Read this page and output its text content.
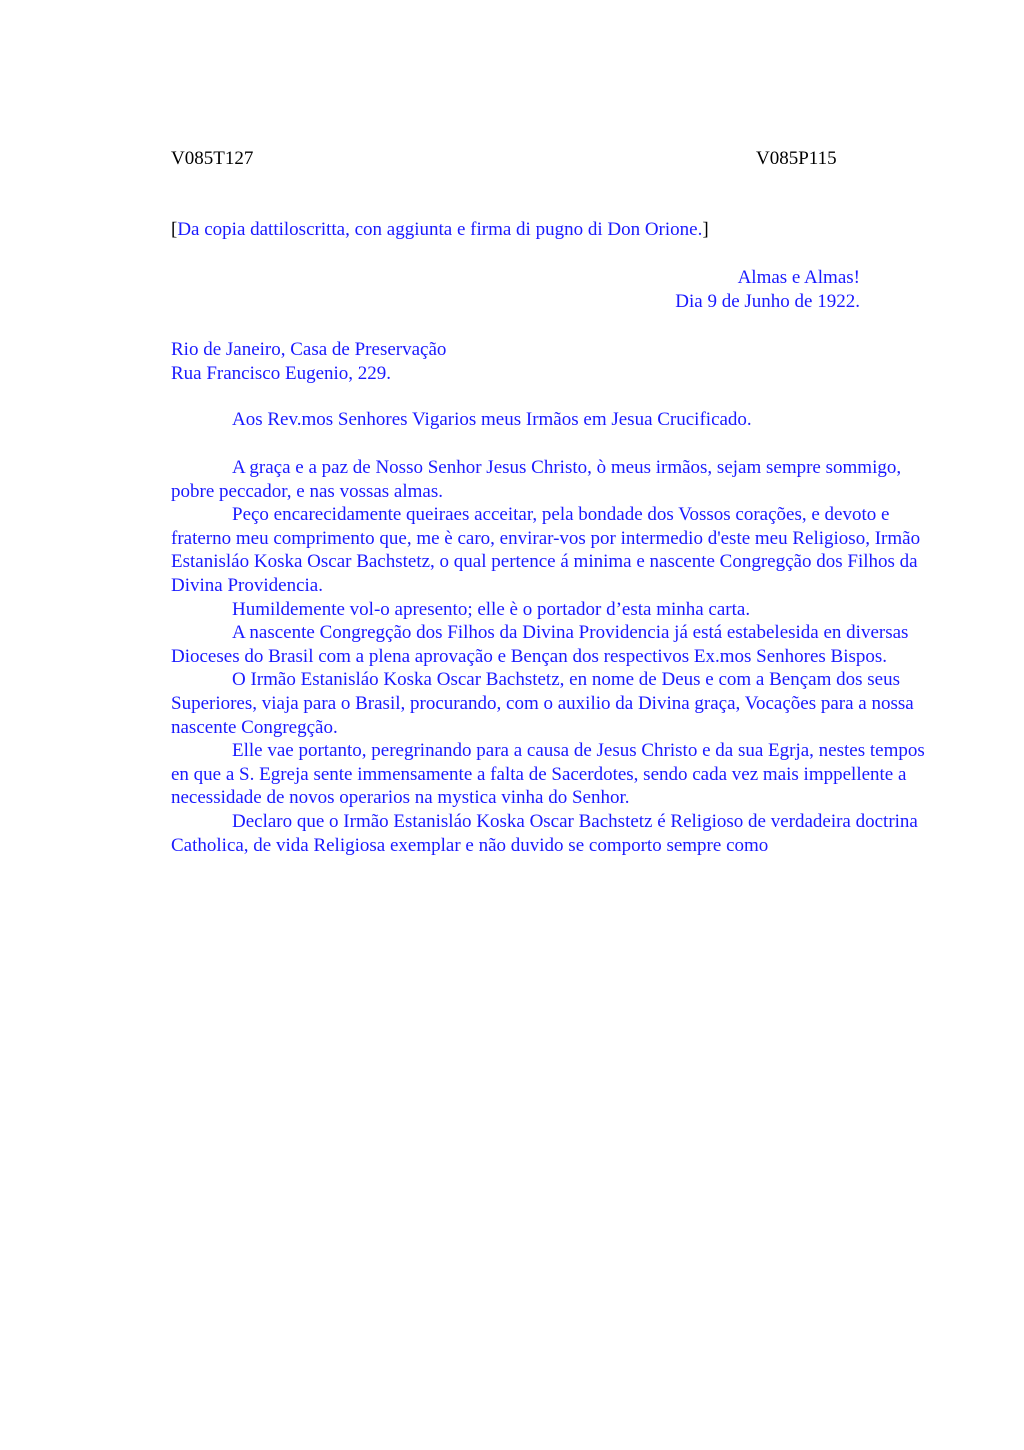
V085T127	V085P115
[Da copia dattiloscritta, con aggiunta e firma di pugno di Don Orione.]
Almas e Almas!
Dia 9 de Junho de 1922.
Rio de Janeiro, Casa de Preservação
Rua Francisco Eugenio, 229.
Aos Rev.mos Senhores Vigarios meus Irmãos em Jesua Crucificado.

A graça e a paz de Nosso Senhor Jesus Christo, ò meus irmãos, sejam sempre sommigo, pobre peccador, e nas vossas almas.

Peço encarecidamente queiraes acceitar, pela bondade dos Vossos corações, e devoto e fraterno meu comprimento que, me è caro, envirar-vos por intermedio d'este meu Religioso, Irmão Estanisláo Koska Oscar Bachstetz, o qual pertence á minima e nascente Congregção dos Filhos da Divina Providencia.

Humildemente vol-o apresento; elle è o portador d’esta minha carta.

A nascente Congregção dos Filhos da Divina Providencia já está estabelesida en diversas Dioceses do Brasil com a plena aprovação e Bençan dos respectivos Ex.mos Senhores Bispos.

O Irmão Estanisláo Koska Oscar Bachstetz, en nome de Deus e com a Bençam dos seus Superiores, viaja para o Brasil, procurando, com o auxilio da Divina graça, Vocações para a nossa nascente Congregção.

Elle vae portanto, peregrinando para a causa de Jesus Christo e da sua Egrja, nestes tempos en que a S. Egreja sente immensamente a falta de Sacerdotes, sendo cada vez mais imppellente a necessidade de novos operarios na mystica vinha do Senhor.

Declaro que o Irmão Estanisláo Koska Oscar Bachstetz é Religioso de verdadeira doctrina Catholica, de vida Religiosa exemplar e não duvido se comporto sempre como
